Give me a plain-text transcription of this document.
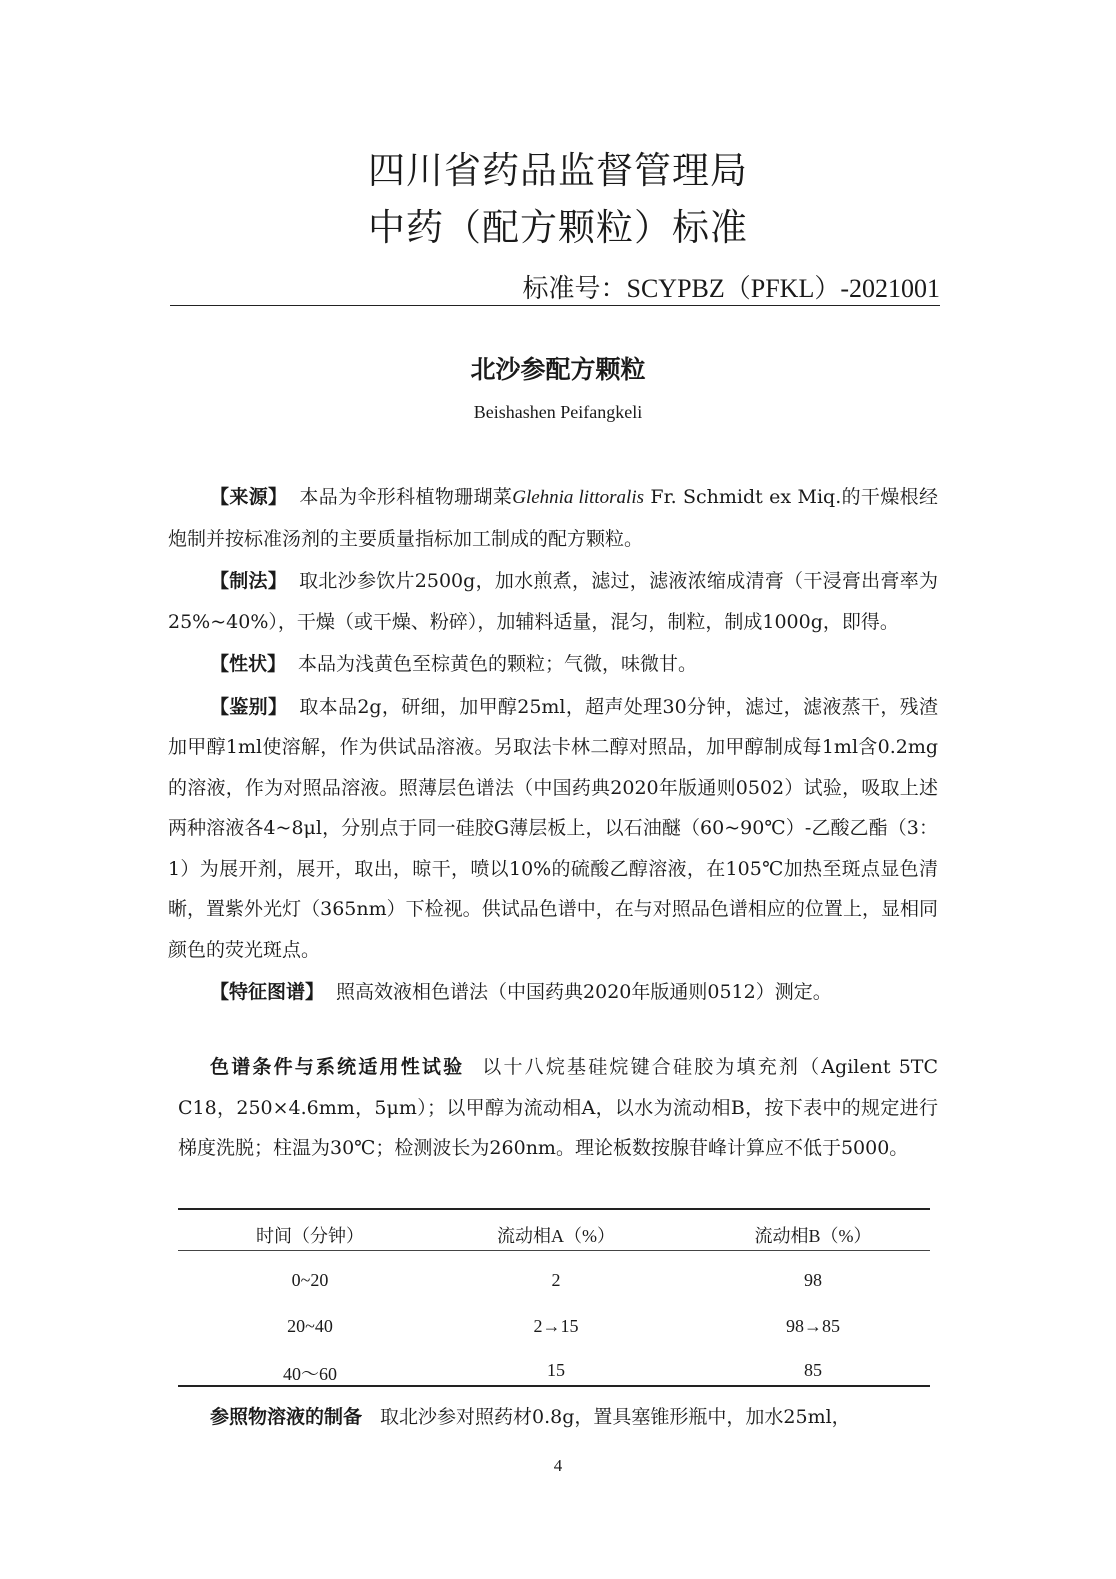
四川省药品监督管理局
中药（配方颗粒）标准
标准号：SCYPBZ（PFKL）-2021001
北沙参配方颗粒
Beishashen Peifangkeli

【来源】 本品为伞形科植物珊瑚菜Glehnia littoralis Fr. Schmidt ex Miq.的干燥根经炮制并按标准汤剂的主要质量指标加工制成的配方颗粒。

【制法】 取北沙参饮片2500g，加水煎煮，滤过，滤液浓缩成清膏（干浸膏出膏率为25%~40%），干燥（或干燥、粉碎），加辅料适量，混匀，制粒，制成1000g，即得。

【性状】 本品为浅黄色至棕黄色的颗粒；气微，味微甘。

【鉴别】 取本品2g，研细，加甲醇25ml，超声处理30分钟，滤过，滤液蒸干，残渣加甲醇1ml使溶解，作为供试品溶液。另取法卡林二醇对照品，加甲醇制成每1ml含0.2mg的溶液，作为对照品溶液。照薄层色谱法（中国药典2020年版通则0502）试验，吸取上述两种溶液各4~8μl，分别点于同一硅胶G薄层板上，以石油醚（60~90℃）-乙酸乙酯（3：1）为展开剂，展开，取出，晾干，喷以10%的硫酸乙醇溶液，在105℃加热至斑点显色清晰，置紫外光灯（365nm）下检视。供试品色谱中，在与对照品色谱相应的位置上，显相同颜色的荧光斑点。

【特征图谱】 照高效液相色谱法（中国药典2020年版通则0512）测定。

色谱条件与系统适用性试验 以十八烷基硅烷键合硅胶为填充剂（Agilent 5TC C18，250×4.6mm，5μm）；以甲醇为流动相A，以水为流动相B，按下表中的规定进行梯度洗脱；柱温为30℃；检测波长为260nm。理论板数按腺苷峰计算应不低于5000。

时间（分钟）	流动相A（%）	流动相B（%）
0~20	2	98
20~40	2→15	98→85
40～60	15	85
参照物溶液的制备 取北沙参对照药材0.8g，置具塞锥形瓶中，加水25ml，
4
